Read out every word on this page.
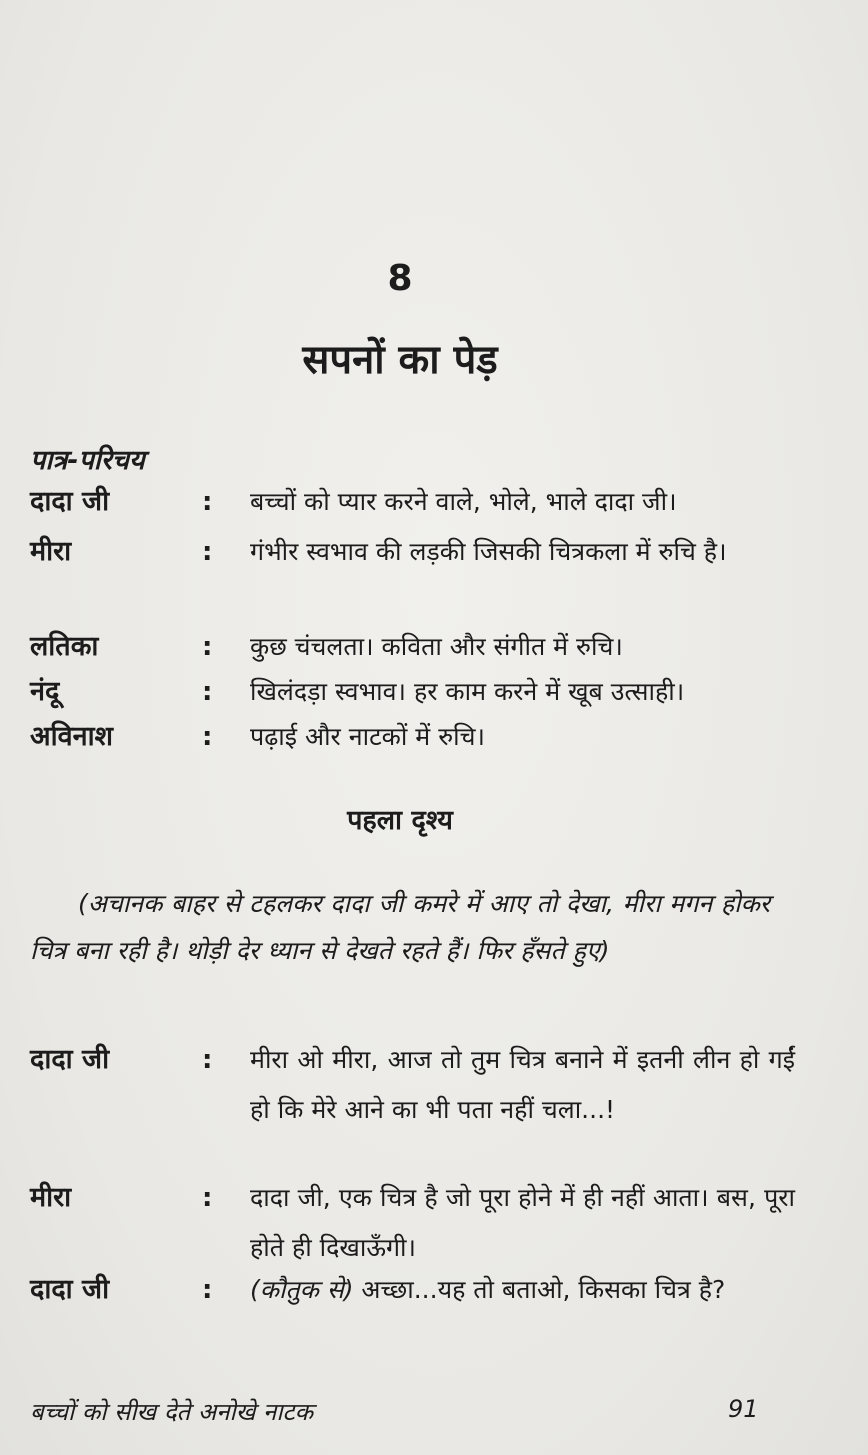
8
सपनों का पेड़
पात्र-परिचय
दादा जी	: बच्चों को प्यार करने वाले, भोले, भाले दादा जी।
मीरा	: गंभीर स्वभाव की लड़की जिसकी चित्रकला में रुचि है।
लतिका	: कुछ चंचलता। कविता और संगीत में रुचि।
नंदू	: खिलंदड़ा स्वभाव। हर काम करने में खूब उत्साही।
अविनाश	: पढ़ाई और नाटकों में रुचि।
पहला दृश्य
(अचानक बाहर से टहलकर दादा जी कमरे में आए तो देखा, मीरा मगन होकर चित्र बना रही है। थोड़ी देर ध्यान से देखते रहते हैं। फिर हँसते हुए)
दादा जी	: मीरा ओ मीरा, आज तो तुम चित्र बनाने में इतनी लीन हो गईं हो कि मेरे आने का भी पता नहीं चला...!
मीरा	: दादा जी, एक चित्र है जो पूरा होने में ही नहीं आता। बस, पूरा होते ही दिखाऊँगी।
दादा जी	: (कौतुक से) अच्छा...यह तो बताओ, किसका चित्र है?
बच्चों को सीख देते अनोखे नाटक	91
